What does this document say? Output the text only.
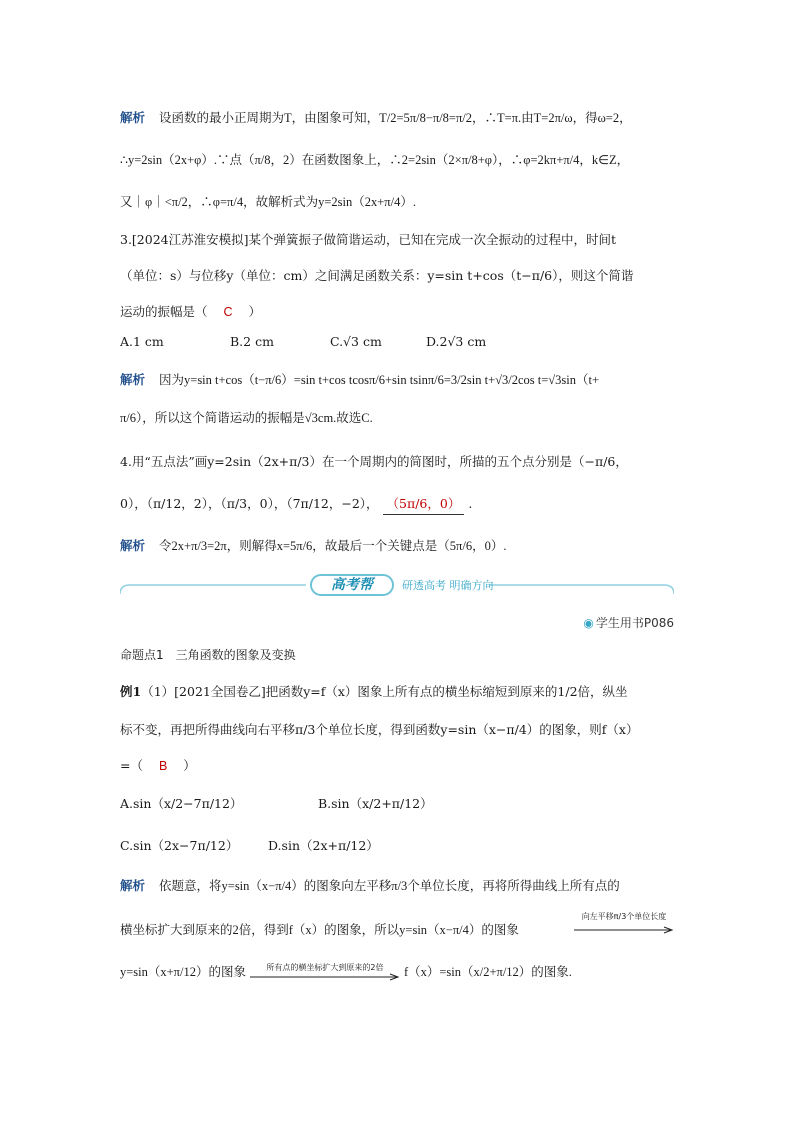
解析 设函数的最小正周期为T，由图象可知，T/2=5π/8−π/8=π/2，∴T=π.由T=2π/ω，得ω=2，
∴y=2sin（2x+φ）.∵点（π/8，2）在函数图象上，∴2=2sin（2×π/8+φ），∴φ=2kπ+π/4，k∈Z，
又｜φ｜<π/2，∴φ=π/4，故解析式为y=2sin（2x+π/4）.
3.[2024江苏淮安模拟]某个弹簧振子做简谐运动，已知在完成一次全振动的过程中，时间t
（单位：s）与位移y（单位：cm）之间满足函数关系：y=sin t+cos（t−π/6），则这个简谐
运动的振幅是（ C ）
A.1 cm	B.2 cm	C.√3 cm	D.2√3 cm
解析 因为y=sin t+cos（t−π/6）=sin t+cos tcosπ/6+sin tsinπ/6=3/2sin t+√3/2cos t=√3sin（t+
π/6），所以这个简谐运动的振幅是√3cm.故选C.
4.用“五点法”画y=2sin（2x+π/3）在一个周期内的简图时，所描的五个点分别是（−π/6，
0），（π/12，2），（π/3，0），（7π/12，−2）， （5π/6，0） .
解析 令2x+π/3=2π，则解得x=5π/6，故最后一个关键点是（5π/6，0）.
高考帮	研透高考 明确方向
◉ 学生用书P086
命题点1　三角函数的图象及变换
例1（1）[2021全国卷乙]把函数y=f（x）图象上所有点的横坐标缩短到原来的1/2倍，纵坐
标不变，再把所得曲线向右平移π/3个单位长度，得到函数y=sin（x−π/4）的图象，则f（x）
=（ B ）
A.sin（x/2−7π/12）	B.sin（x/2+π/12）
C.sin（2x−7π/12） D.sin（2x+π/12）
解析 依题意，将y=sin（x−π/4）的图象向左平移π/3个单位长度，再将所得曲线上所有点的
横坐标扩大到原来的2倍，得到f（x）的图象，所以y=sin（x−π/4）的图象
向左平移π/3个单位长度
y=sin（x+π/12）的图象	所有点的横坐标扩大到原来的2倍	f（x）=sin（x/2+π/12）的图象.
